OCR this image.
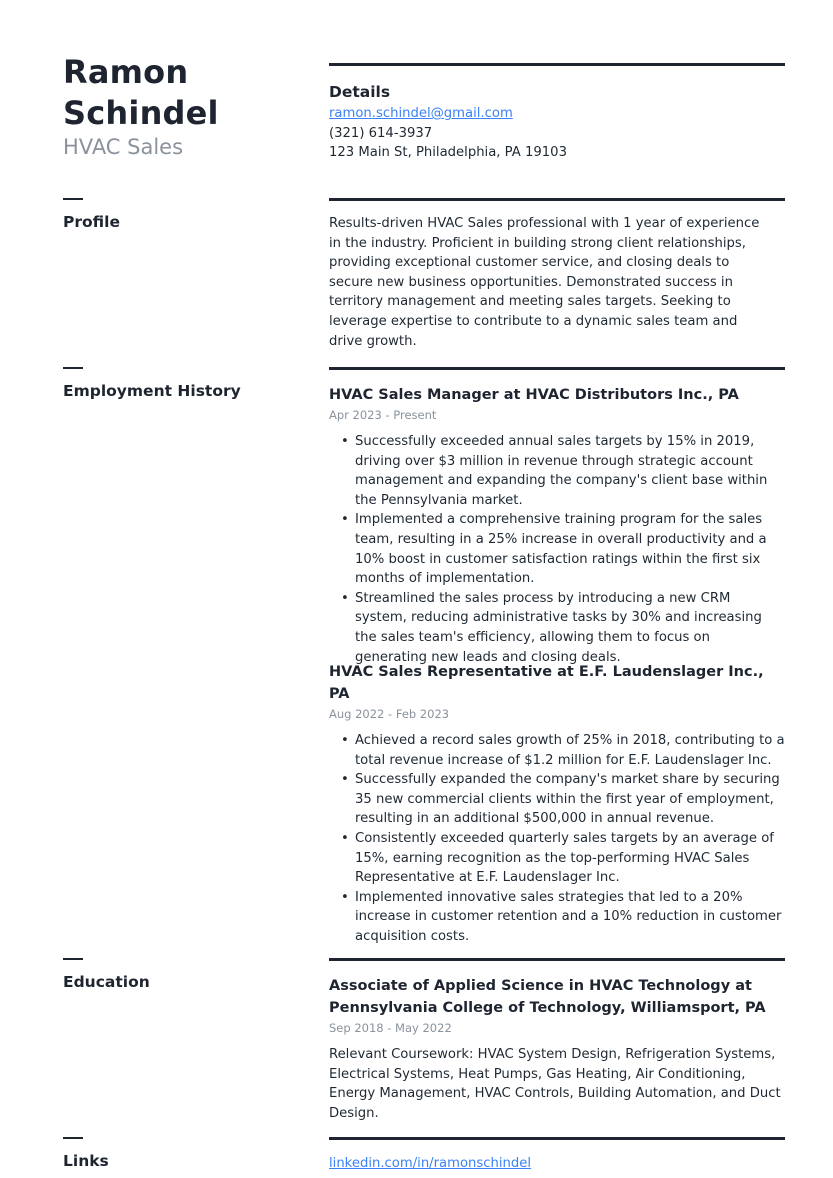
Ramon
Schindel
HVAC Sales
Details
ramon.schindel@gmail.com
(321) 614-3937
123 Main St, Philadelphia, PA 19103
Profile	Results-driven HVAC Sales professional with 1 year of experience in the industry. Proficient in building strong client relationships, providing exceptional customer service, and closing deals to secure new business opportunities. Demonstrated success in territory management and meeting sales targets. Seeking to leverage expertise to contribute to a dynamic sales team and drive growth.
Employment History	HVAC Sales Manager at HVAC Distributors Inc., PA
Apr 2023 - Present
• Successfully exceeded annual sales targets by 15% in 2019, driving over $3 million in revenue through strategic account management and expanding the company's client base within the Pennsylvania market.
• Implemented a comprehensive training program for the sales team, resulting in a 25% increase in overall productivity and a 10% boost in customer satisfaction ratings within the first six months of implementation.
• Streamlined the sales process by introducing a new CRM system, reducing administrative tasks by 30% and increasing the sales team's efficiency, allowing them to focus on generating new leads and closing deals.
HVAC Sales Representative at E.F. Laudenslager Inc., PA
Aug 2022 - Feb 2023
• Achieved a record sales growth of 25% in 2018, contributing to a total revenue increase of $1.2 million for E.F. Laudenslager Inc.
• Successfully expanded the company's market share by securing 35 new commercial clients within the first year of employment, resulting in an additional $500,000 in annual revenue.
• Consistently exceeded quarterly sales targets by an average of 15%, earning recognition as the top-performing HVAC Sales Representative at E.F. Laudenslager Inc.
• Implemented innovative sales strategies that led to a 20% increase in customer retention and a 10% reduction in customer acquisition costs.
Education	Associate of Applied Science in HVAC Technology at Pennsylvania College of Technology, Williamsport, PA
Sep 2018 - May 2022
Relevant Coursework: HVAC System Design, Refrigeration Systems, Electrical Systems, Heat Pumps, Gas Heating, Air Conditioning, Energy Management, HVAC Controls, Building Automation, and Duct Design.
Links	linkedin.com/in/ramonschindel
